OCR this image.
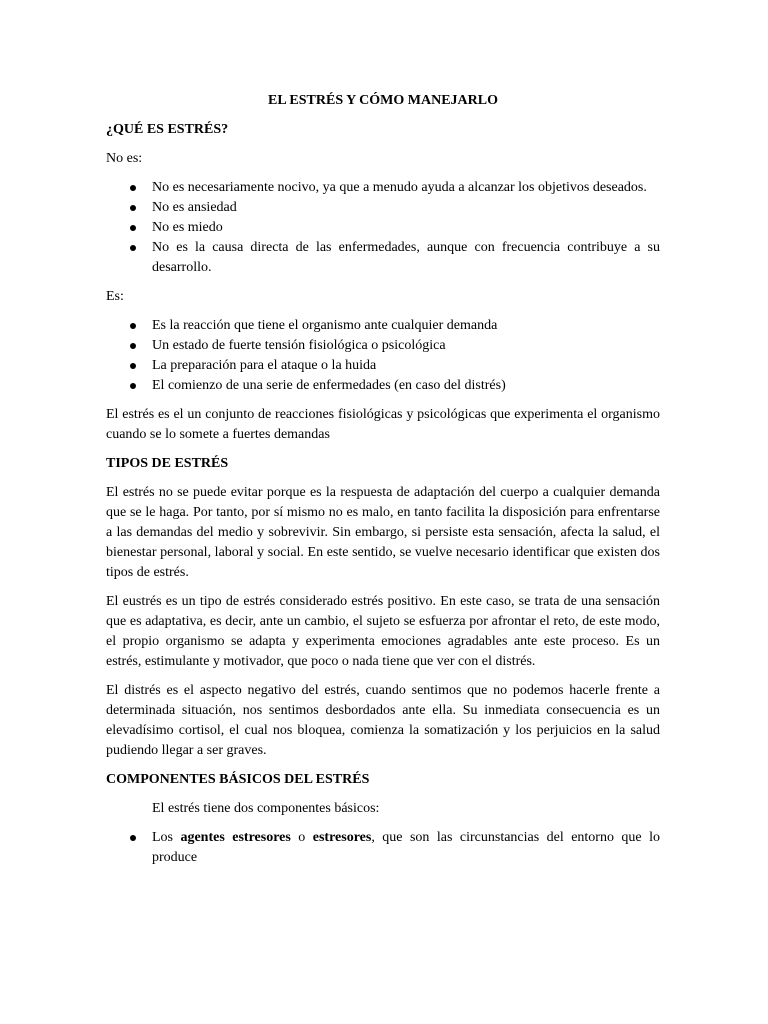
EL ESTRÉS Y CÓMO MANEJARLO

¿QUÉ ES ESTRÉS?

No es:

No es necesariamente nocivo, ya que a menudo ayuda a alcanzar los objetivos deseados.
No es ansiedad
No es miedo
No es la causa directa de las enfermedades, aunque con frecuencia contribuye a su desarrollo.

Es:

Es la reacción que tiene el organismo ante cualquier demanda
Un estado de fuerte tensión fisiológica o psicológica
La preparación para el ataque o la huida
El comienzo de una serie de enfermedades (en caso del distrés)

El estrés es el un conjunto de reacciones fisiológicas y psicológicas que experimenta el organismo cuando se lo somete a fuertes demandas

TIPOS DE ESTRÉS

El estrés no se puede evitar porque es la respuesta de adaptación del cuerpo a cualquier demanda que se le haga. Por tanto, por sí mismo no es malo, en tanto facilita la disposición para enfrentarse a las demandas del medio y sobrevivir. Sin embargo, si persiste esta sensación, afecta la salud, el bienestar personal, laboral y social. En este sentido, se vuelve necesario identificar que existen dos tipos de estrés.

El eustrés es un tipo de estrés considerado estrés positivo. En este caso, se trata de una sensación que es adaptativa, es decir, ante un cambio, el sujeto se esfuerza por afrontar el reto, de este modo, el propio organismo se adapta y experimenta emociones agradables ante este proceso. Es un estrés, estimulante y motivador, que poco o nada tiene que ver con el distrés.

El distrés es el aspecto negativo del estrés, cuando sentimos que no podemos hacerle frente a determinada situación, nos sentimos desbordados ante ella. Su inmediata consecuencia es un elevadísimo cortisol, el cual nos bloquea, comienza la somatización y los perjuicios en la salud pudiendo llegar a ser graves.

COMPONENTES BÁSICOS DEL ESTRÉS

El estrés tiene dos componentes básicos:

Los agentes estresores o estresores, que son las circunstancias del entorno que lo produce
